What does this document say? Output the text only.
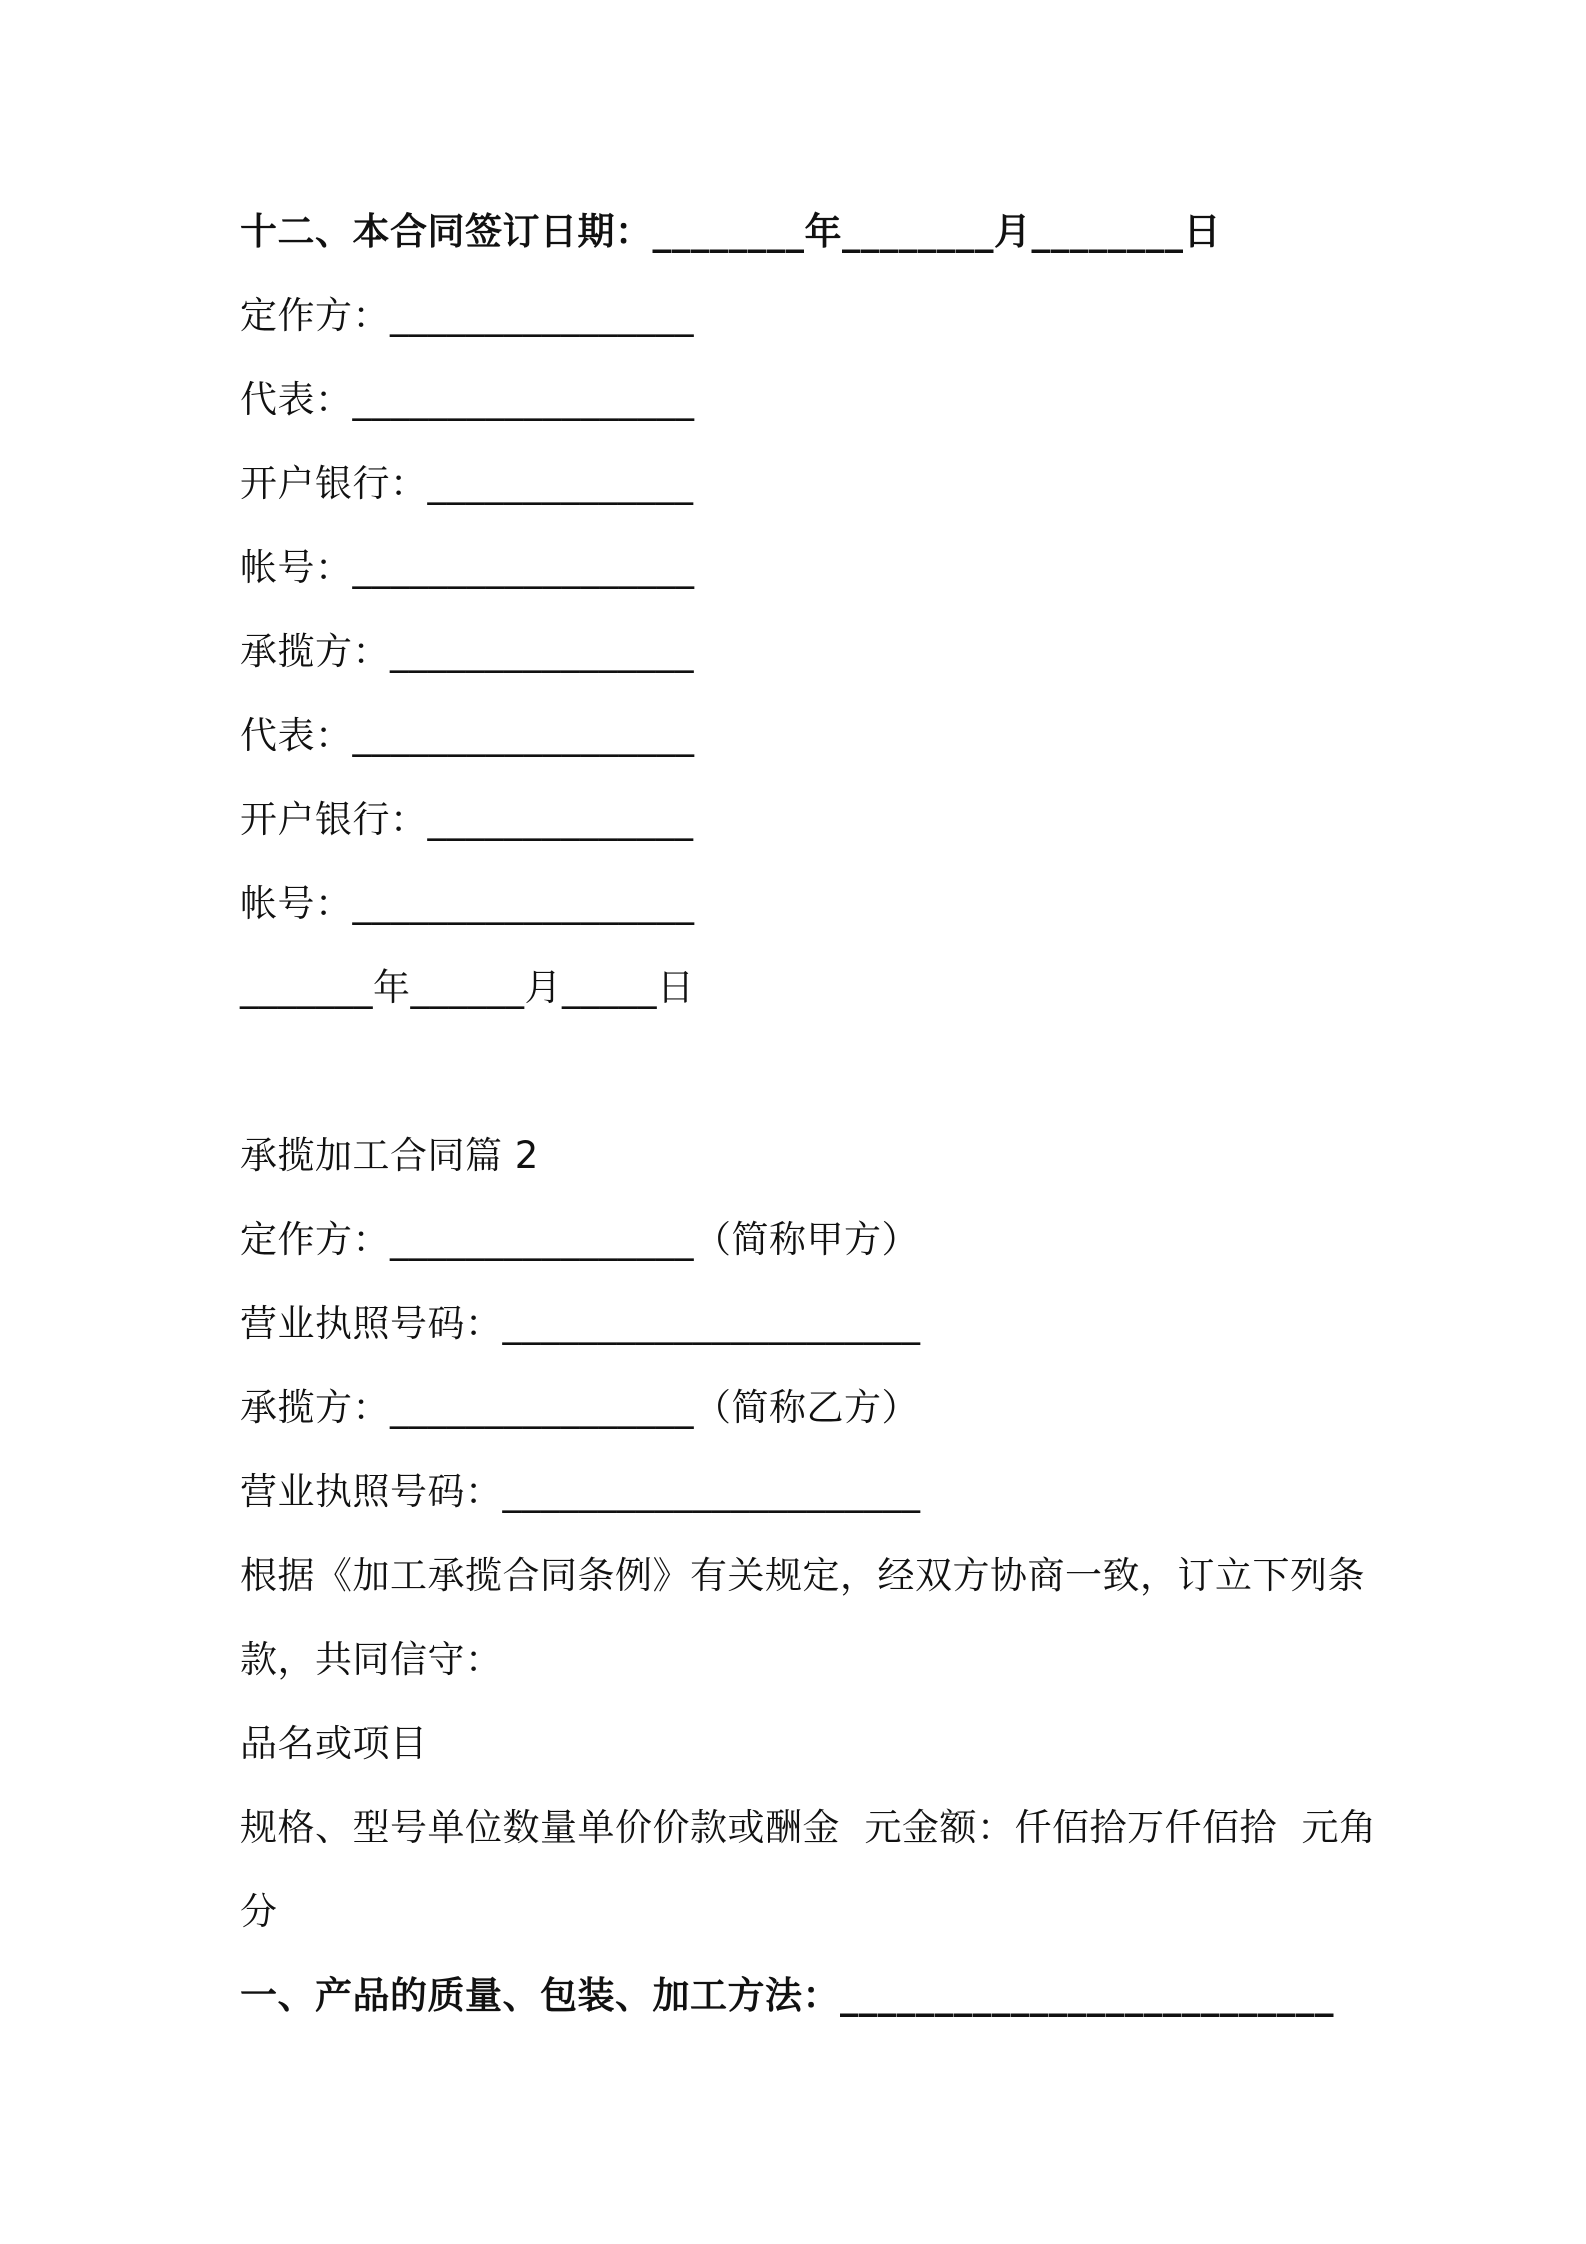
十二、本合同签订日期：________年________月________日
定作方：________________
代表：__________________
开户银行：______________
帐号：__________________
承揽方：________________
代表：__________________
开户银行：______________
帐号：__________________
_______年______月_____日
承揽加工合同篇 2
定作方：________________（简称甲方）
营业执照号码：______________________
承揽方：________________（简称乙方）
营业执照号码：______________________
根据《加工承揽合同条例》有关规定，经双方协商一致，订立下列条
款，共同信守：
品名或项目
规格、型号单位数量单价价款或酬金  元金额：仟佰拾万仟佰拾  元角
分
一、产品的质量、包装、加工方法：__________________________
